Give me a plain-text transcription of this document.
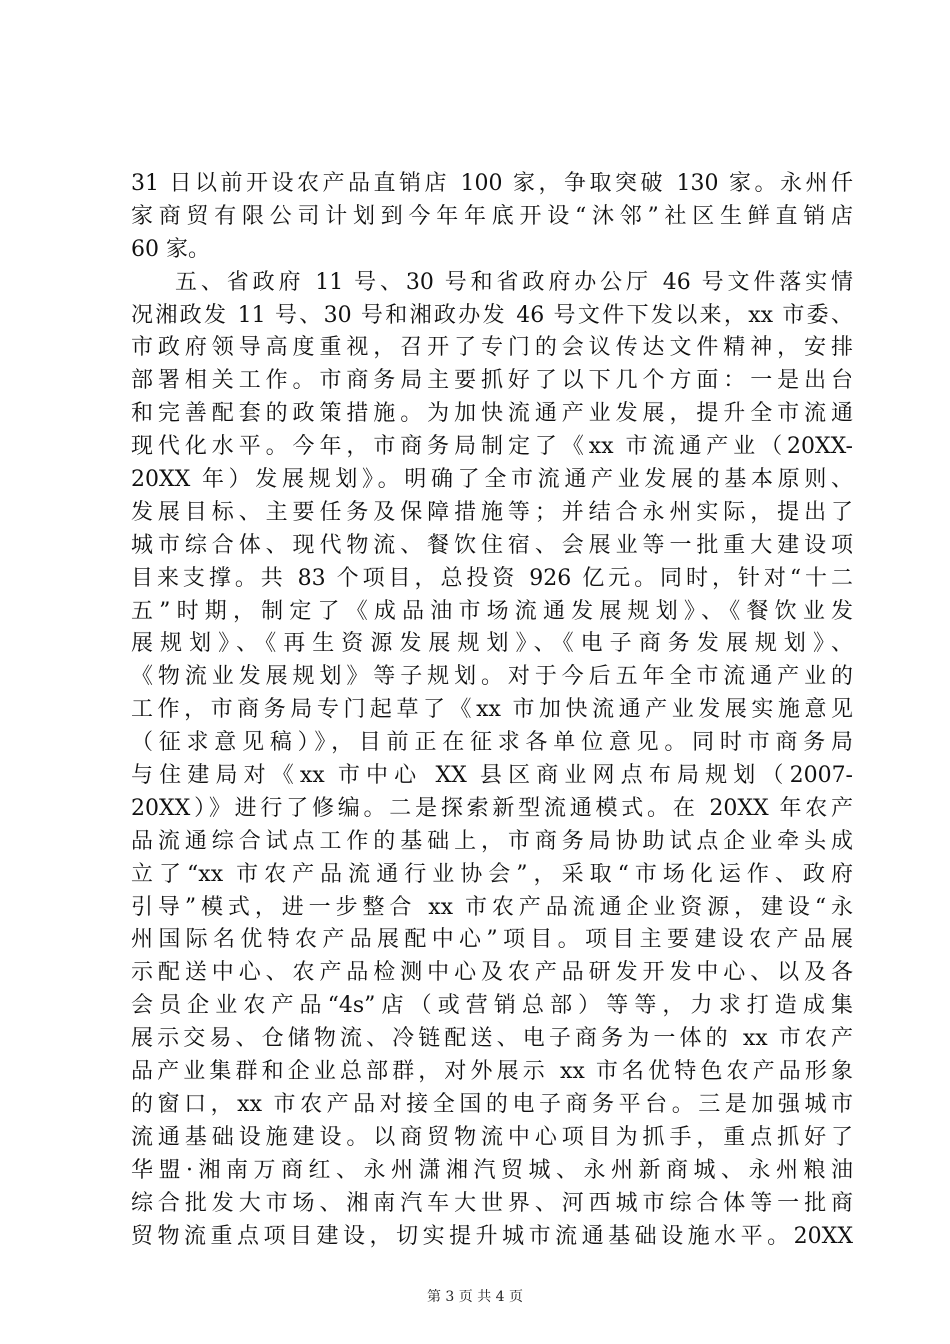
31 日以前开设农产品直销店 100 家，争取突破 130 家。永州仟
家商贸有限公司计划到今年年底开设“沐邻”社区生鲜直销店
60 家。
五、省政府 11 号、30 号和省政府办公厅 46 号文件落实情
况湘政发 11 号、30 号和湘政办发 46 号文件下发以来，xx 市委、
市政府领导高度重视，召开了专门的会议传达文件精神，安排
部署相关工作。市商务局主要抓好了以下几个方面：一是出台
和完善配套的政策措施。为加快流通产业发展，提升全市流通
现代化水平。今年，市商务局制定了《xx 市流通产业（20XX-
20XX 年）发展规划》。明确了全市流通产业发展的基本原则、
发展目标、主要任务及保障措施等；并结合永州实际，提出了
城市综合体、现代物流、餐饮住宿、会展业等一批重大建设项
目来支撑。共 83 个项目，总投资 926 亿元。同时，针对“十二
五”时期，制定了《成品油市场流通发展规划》、《餐饮业发
展规划》、《再生资源发展规划》、《电子商务发展规划》、
《物流业发展规划》等子规划。对于今后五年全市流通产业的
工作，市商务局专门起草了《xx 市加快流通产业发展实施意见
（征求意见稿）》，目前正在征求各单位意见。同时市商务局
与住建局对《xx 市中心 XX 县区商业网点布局规划（2007-
20XX）》进行了修编。二是探索新型流通模式。在 20XX 年农产
品流通综合试点工作的基础上，市商务局协助试点企业牵头成
立了“xx 市农产品流通行业协会”，采取“市场化运作、政府
引导”模式，进一步整合 xx 市农产品流通企业资源，建设“永
州国际名优特农产品展配中心”项目。项目主要建设农产品展
示配送中心、农产品检测中心及农产品研发开发中心、以及各
会员企业农产品“4s”店（或营销总部）等等，力求打造成集
展示交易、仓储物流、冷链配送、电子商务为一体的 xx 市农产
品产业集群和企业总部群，对外展示 xx 市名优特色农产品形象
的窗口，xx 市农产品对接全国的电子商务平台。三是加强城市
流通基础设施建设。以商贸物流中心项目为抓手，重点抓好了
华盟·湘南万商红、永州潇湘汽贸城、永州新商城、永州粮油
综合批发大市场、湘南汽车大世界、河西城市综合体等一批商
贸物流重点项目建设，切实提升城市流通基础设施水平。20XX
第 3 页 共 4 页
